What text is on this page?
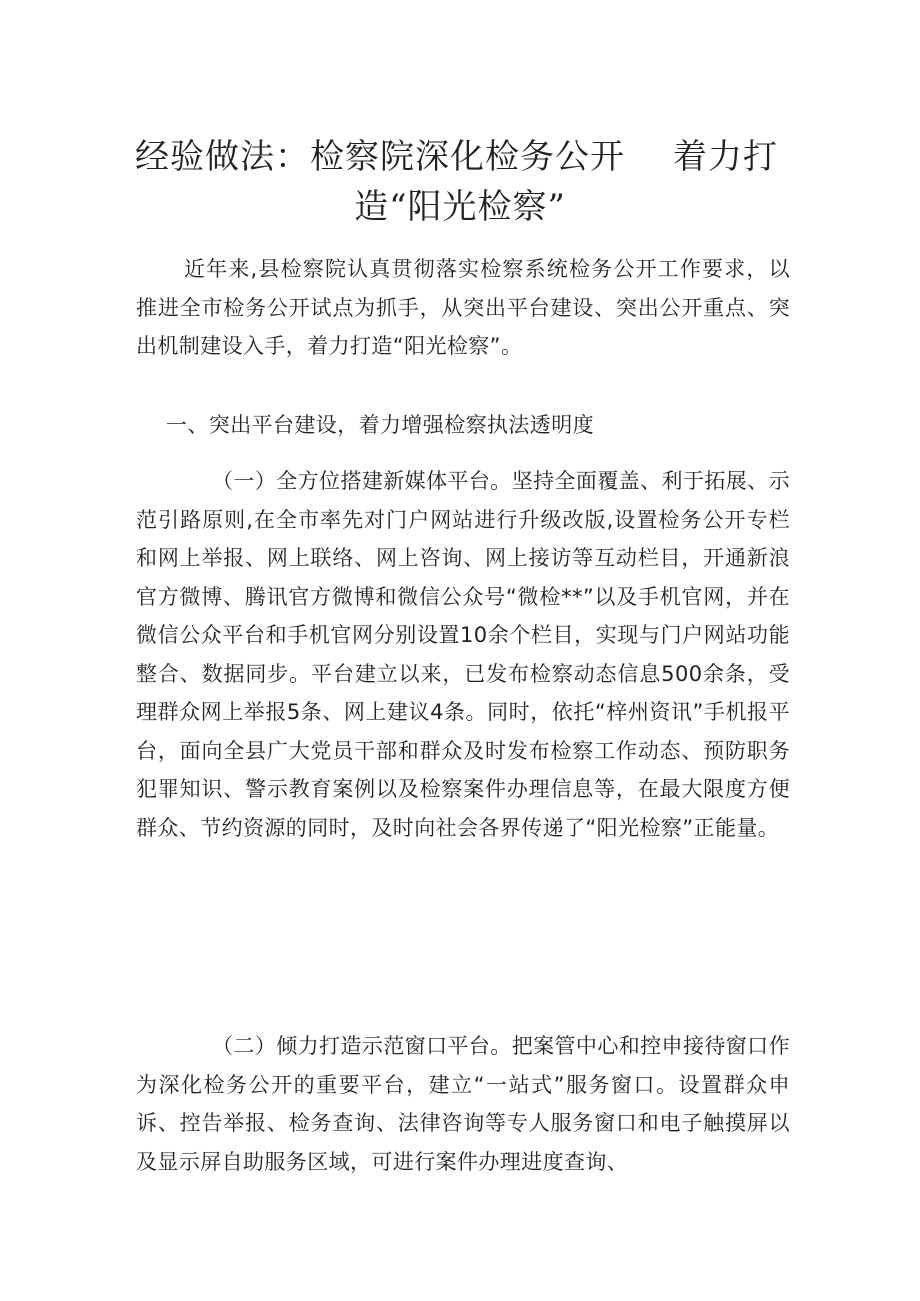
经验做法：检察院深化检务公开 着力打
造“阳光检察”
近年来,县检察院认真贯彻落实检察系统检务公开工作要求，以推进全市检务公开试点为抓手，从突出平台建设、突出公开重点、突出机制建设入手，着力打造“阳光检察”。
一、突出平台建设，着力增强检察执法透明度
（一）全方位搭建新媒体平台。坚持全面覆盖、利于拓展、示范引路原则,在全市率先对门户网站进行升级改版,设置检务公开专栏和网上举报、网上联络、网上咨询、网上接访等互动栏目，开通新浪官方微博、腾讯官方微博和微信公众号“微检**”以及手机官网，并在微信公众平台和手机官网分别设置10余个栏目，实现与门户网站功能整合、数据同步。平台建立以来，已发布检察动态信息500余条，受理群众网上举报5条、网上建议4条。同时，依托“梓州资讯”手机报平台，面向全县广大党员干部和群众及时发布检察工作动态、预防职务犯罪知识、警示教育案例以及检察案件办理信息等，在最大限度方便群众、节约资源的同时，及时向社会各界传递了“阳光检察”正能量。
（二）倾力打造示范窗口平台。把案管中心和控申接待窗口作为深化检务公开的重要平台，建立“一站式”服务窗口。设置群众申诉、控告举报、检务查询、法律咨询等专人服务窗口和电子触摸屏以及显示屏自助服务区域，可进行案件办理进度查询、
